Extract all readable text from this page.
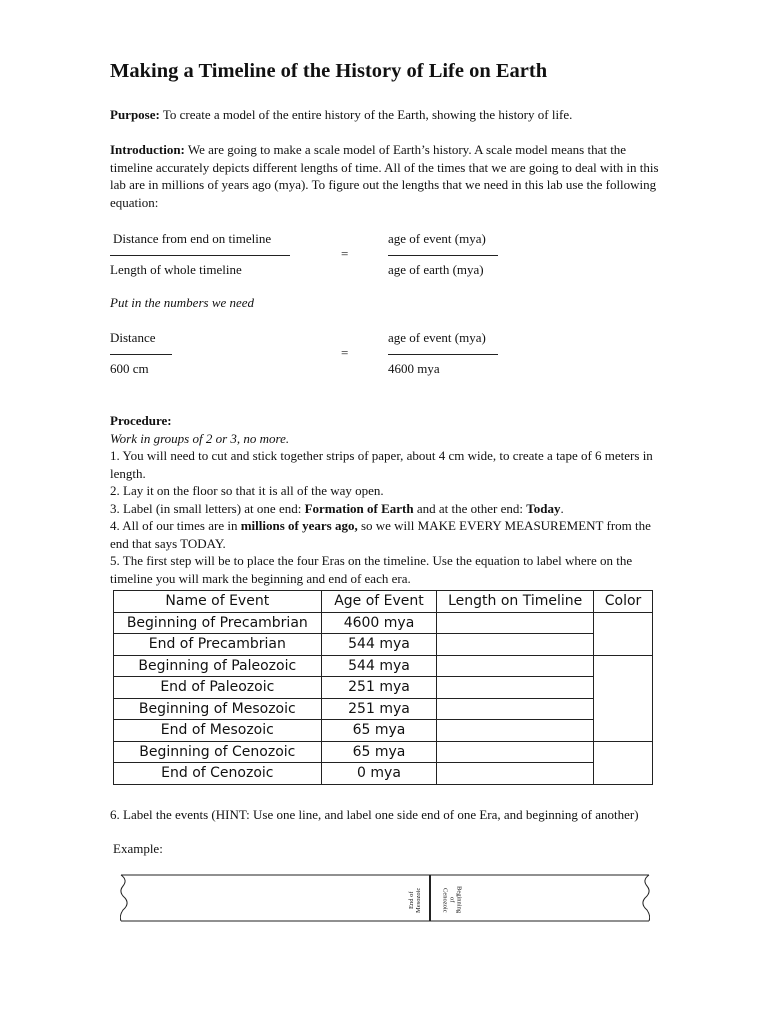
Making a Timeline of the History of Life on Earth
Purpose: To create a model of the entire history of the Earth, showing the history of life.
Introduction: We are going to make a scale model of Earth’s history. A scale model means that the timeline accurately depicts different lengths of time. All of the times that we are going to deal with in this lab are in millions of years ago (mya). To figure out the lengths that we need in this lab use the following equation:
Distance from end on timeline
Length of whole timeline
=
age of event (mya)
age of earth (mya)
Put in the numbers we need
Distance
600 cm
=
age of event (mya)
4600 mya
Procedure:
Work in groups of 2 or 3, no more.
1. You will need to cut and stick together strips of paper, about 4 cm wide, to create a tape of 6 meters in length.
2. Lay it on the floor so that it is all of the way open.
3. Label (in small letters) at one end: Formation of Earth and at the other end: Today.
4. All of our times are in millions of years ago, so we will MAKE EVERY MEASUREMENT from the end that says TODAY.
5. The first step will be to place the four Eras on the timeline. Use the equation to label where on the timeline you will mark the beginning and end of each era.
Name of Event	Age of Event	Length on Timeline	Color
Beginning of Precambrian	4600 mya		
End of Precambrian	544 mya		
Beginning of Paleozoic	544 mya		
End of Paleozoic	251 mya		
Beginning of Mesozoic	251 mya		
End of Mesozoic	65 mya		
Beginning of Cenozoic	65 mya		
End of Cenozoic	0 mya		
6. Label the events (HINT: Use one line, and label one side end of one Era, and beginning of another)
Example:
End of Mesozoic	Beginning
of
Cenozoic
